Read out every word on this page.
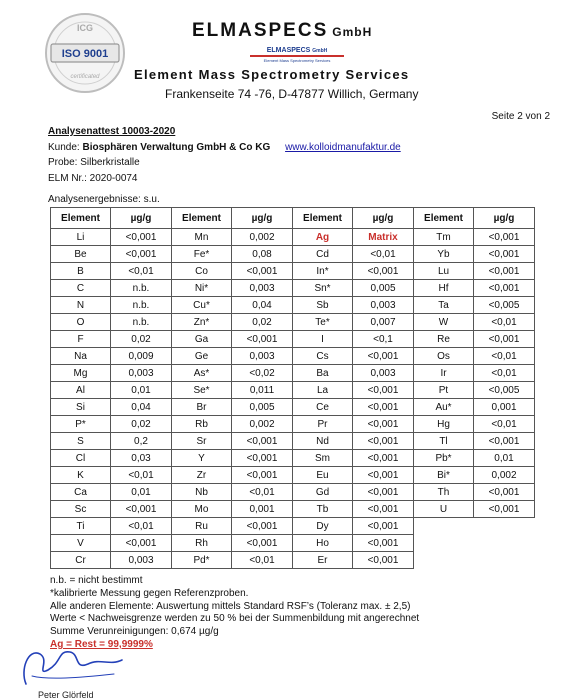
ICG
ISO 9001
certificated
ELMASPECS GmbH
ELMASPECS GmbH
Element Mass Spectrometry Services
Element Mass Spectrometry Services
Frankenseite 74 -76, D-47877 Willich, Germany
Seite 2 von 2
Analysenattest 10003-2020
Kunde: Biosphären Verwaltung GmbH & Co KG www.kolloidmanufaktur.de
Probe: Silberkristalle
ELM Nr.: 2020-0074
Analysenergebnisse: s.u.
Element	µg/g	Element	µg/g	Element	µg/g	Element	µg/g
Li	<0,001	Mn	0,002	Ag	Matrix	Tm	<0,001
Be	<0,001	Fe*	0,08	Cd	<0,01	Yb	<0,001
B	<0,01	Co	<0,001	In*	<0,001	Lu	<0,001
C	n.b.	Ni*	0,003	Sn*	0,005	Hf	<0,001
N	n.b.	Cu*	0,04	Sb	0,003	Ta	<0,005
O	n.b.	Zn*	0,02	Te*	0,007	W	<0,01
F	0,02	Ga	<0,001	I	<0,1	Re	<0,001
Na	0,009	Ge	0,003	Cs	<0,001	Os	<0,01
Mg	0,003	As*	<0,02	Ba	0,003	Ir	<0,01
Al	0,01	Se*	0,011	La	<0,001	Pt	<0,005
Si	0,04	Br	0,005	Ce	<0,001	Au*	0,001
P*	0,02	Rb	0,002	Pr	<0,001	Hg	<0,01
S	0,2	Sr	<0,001	Nd	<0,001	Tl	<0,001
Cl	0,03	Y	<0,001	Sm	<0,001	Pb*	0,01
K	<0,01	Zr	<0,001	Eu	<0,001	Bi*	0,002
Ca	0,01	Nb	<0,01	Gd	<0,001	Th	<0,001
Sc	<0,001	Mo	0,001	Tb	<0,001	U	<0,001
Ti	<0,01	Ru	<0,001	Dy	<0,001		
V	<0,001	Rh	<0,001	Ho	<0,001		
Cr	0,003	Pd*	<0,01	Er	<0,001		
n.b. = nicht bestimmt
*kalibrierte Messung gegen Referenzproben.
Alle anderen Elemente: Auswertung mittels Standard RSF’s (Toleranz max. ± 2,5)
Werte < Nachweisgrenze werden zu 50 % bei der Summenbildung mit angerechnet
Summe Verunreinigungen: 0,674 µg/g
Ag = Rest = 99,9999%
Peter Glörfeld
